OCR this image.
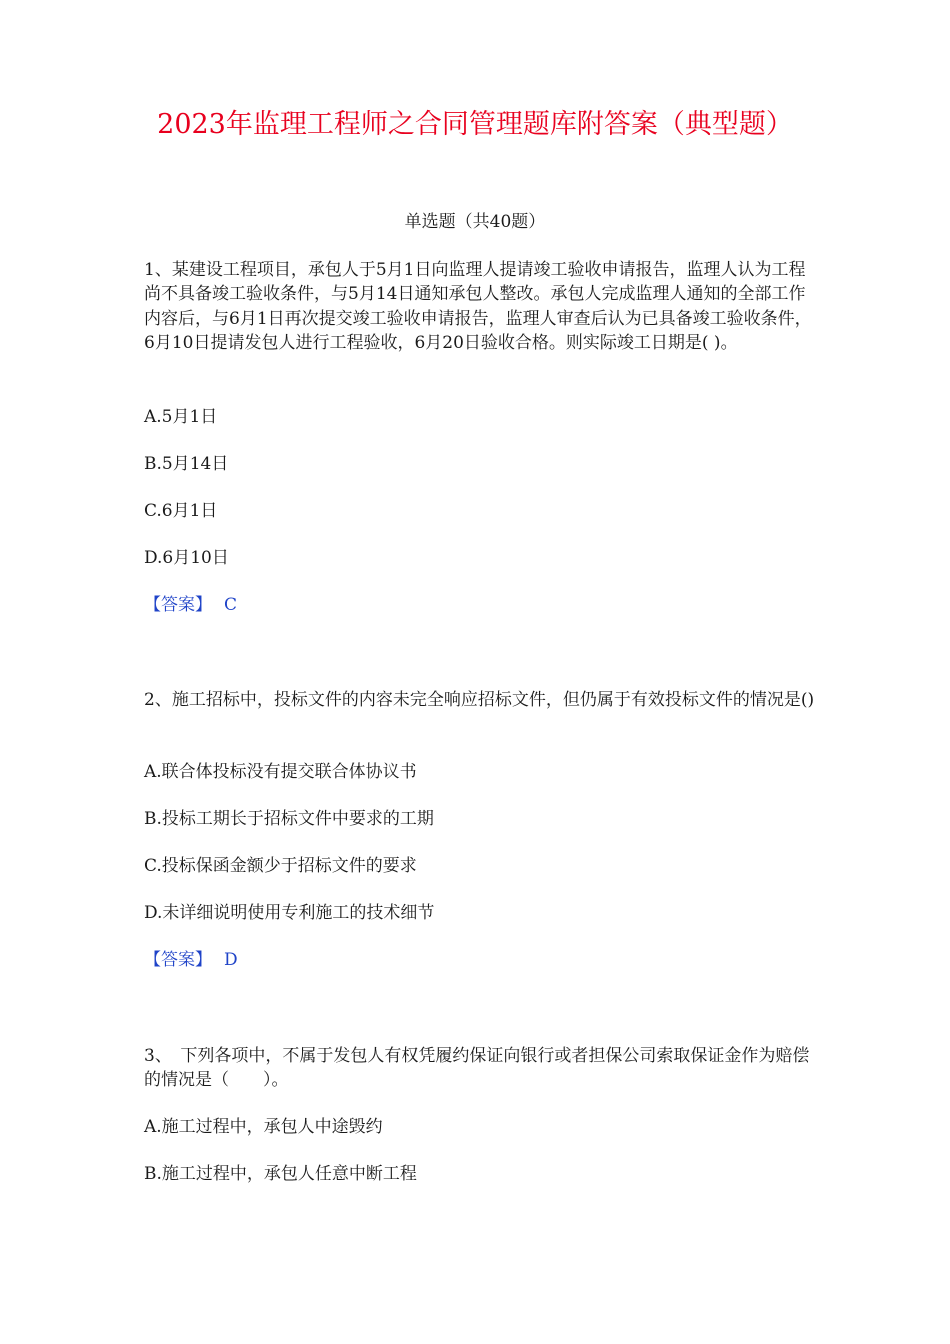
2023年监理工程师之合同管理题库附答案（典型题）
单选题（共40题）

1、某建设工程项目，承包人于5月1日向监理人提请竣工验收申请报告，监理人认为工程尚不具备竣工验收条件，与5月14日通知承包人整改。承包人完成监理人通知的全部工作内容后，与6月1日再次提交竣工验收申请报告，监理人审查后认为已具备竣工验收条件，6月10日提请发包人进行工程验收，6月20日验收合格。则实际竣工日期是( )。

A.5月1日
B.5月14日
C.6月1日
D.6月10日
【答案】 C

2、施工招标中，投标文件的内容未完全响应招标文件，但仍属于有效投标文件的情况是()

A.联合体投标没有提交联合体协议书
B.投标工期长于招标文件中要求的工期
C.投标保函金额少于招标文件的要求
D.未详细说明使用专利施工的技术细节
【答案】 D

3、　下列各项中，不属于发包人有权凭履约保证向银行或者担保公司索取保证金作为赔偿的情况是（　　）。

A.施工过程中，承包人中途毁约
B.施工过程中，承包人任意中断工程
